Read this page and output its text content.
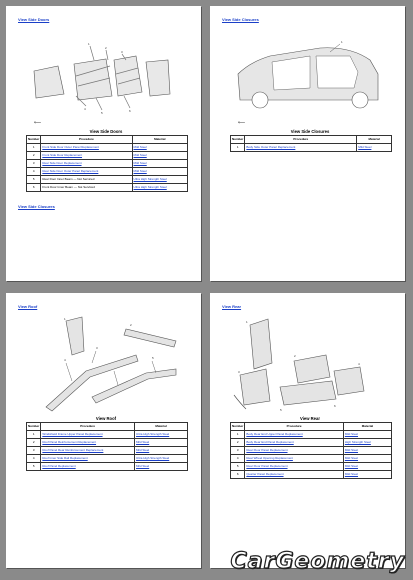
View Side Doors
1
2
3
4
5	6
⟵
View Side Doors
Number	Procedure	Material
1	Front Side Door Outer Panel Replacement	Mild Steel
2	Front Side Door Replacement	Mild Steel
3	Rear Side Door Replacement	Mild Steel
4	Rear Side Door Outer Panel Replacement	Mild Steel
5	Rear Door Inner Beam — Not Serviced	Ultra High Strength Steel
6	Front Door Inner Beam — Not Serviced	Ultra High Strength Steel
View Side Closures
View Side Closures
1
⟵
View Side Closures
Number	Procedure	Material
1	Body Side Outer Panel Replacement	Mild Steel
View Roof
1
2
3
4	5
View Roof
Number	Procedure	Material
1	Windshield Frame Upper Panel Replacement	Ultra High Strength Steel
2	Roof Panel Reinforcement Replacement	Mild Steel
3	Roof Panel Rear Reinforcement Replacement	Mild Steel
4	Roof Inner Side Rail Replacement	Ultra High Strength Steel
5	Roof Panel Replacement	Mild Steel
View Rear
1
2
3
4
5
6
View Rear
Number	Procedure	Material
1	Body Rear End Upper Panel Replacement	Mild Steel
2	Body Rear End Panel Replacement	High Strength Steel
3	Rear Floor Panel Replacement	Mild Steel
4	Rear Wheel Opening Replacement	Mild Steel
5	Rear Floor Panel Replacement	Mild Steel
6	Quarter Panel Replacement	Mild Steel
CarGeometry
